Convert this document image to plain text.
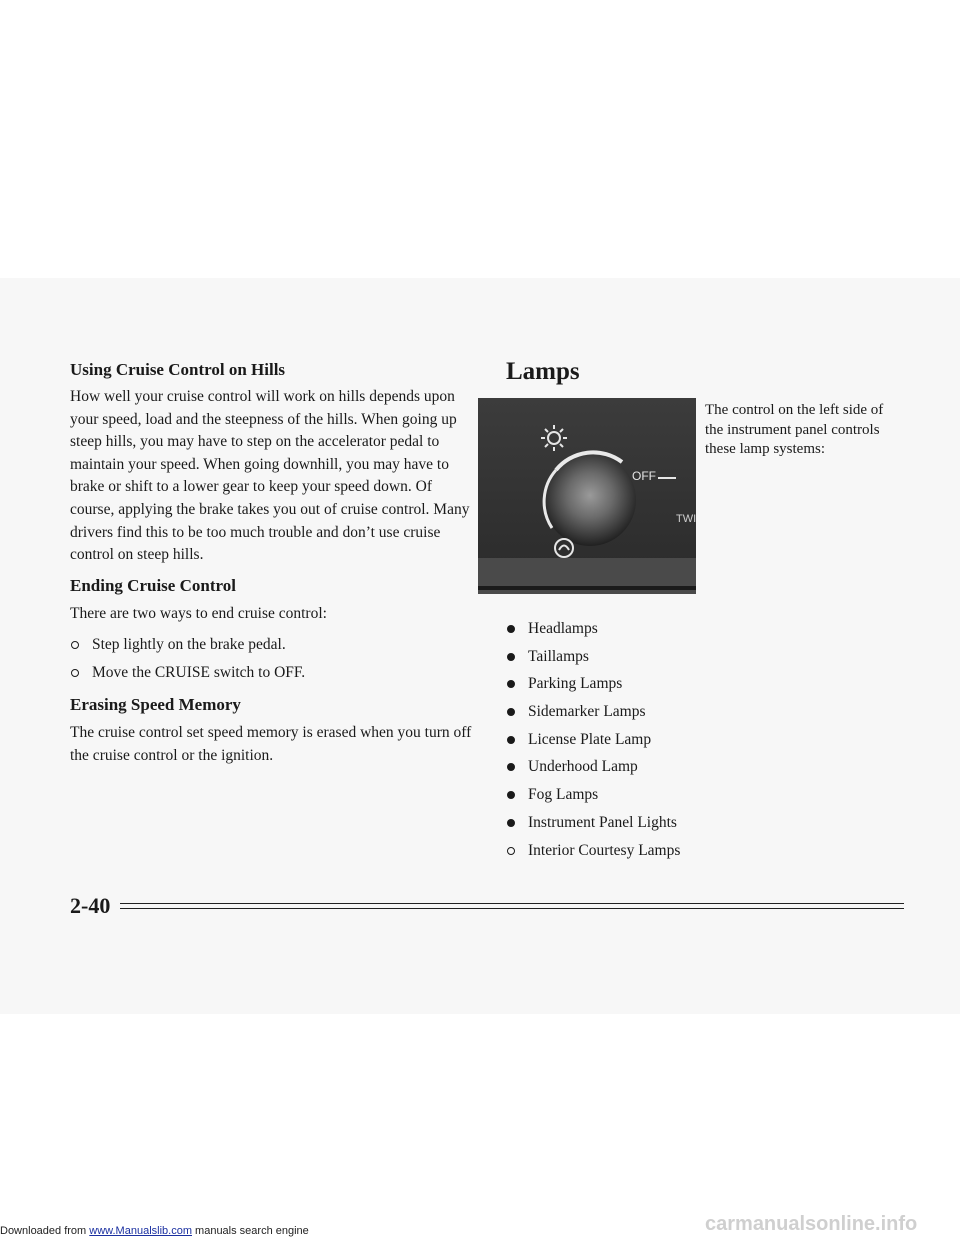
Using Cruise Control on Hills

How well your cruise control will work on hills depends upon your speed, load and the steepness of the hills. When going up steep hills, you may have to step on the accelerator pedal to maintain your speed. When going downhill, you may have to brake or shift to a lower gear to keep your speed down. Of course, applying the brake takes you out of cruise control. Many drivers find this to be too much trouble and don’t use cruise control on steep hills.

Ending Cruise Control

There are two ways to end cruise control:

Step lightly on the brake pedal.
Move the CRUISE switch to OFF.
Erasing Speed Memory

The cruise control set speed memory is erased when you turn off the cruise control or the ignition.

Lamps
OFF
TWI

The control on the left side of the instrument panel controls these lamp systems:

Headlamps
Taillamps
Parking Lamps
Sidemarker Lamps
License Plate Lamp
Underhood Lamp
Fog Lamps
Instrument Panel Lights
Interior Courtesy Lamps
2-40
Downloaded from www.Manualslib.com manuals search engine	carmanualsonline.info
